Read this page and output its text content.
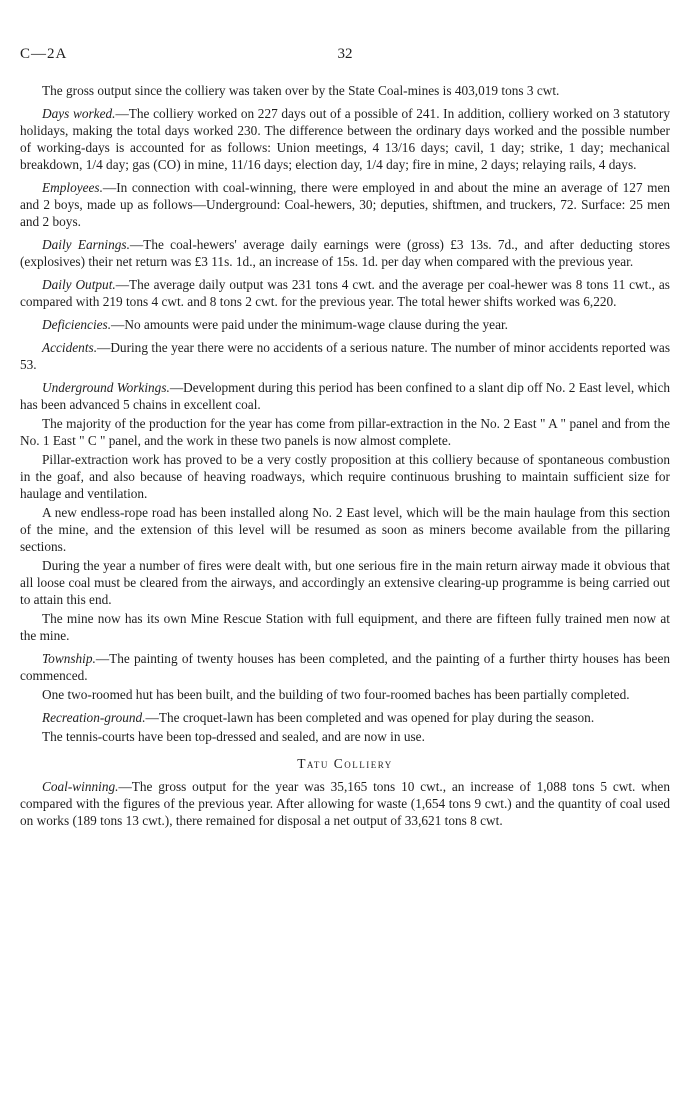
C—2A	32

The gross output since the colliery was taken over by the State Coal-mines is 403,019 tons 3 cwt.

Days worked.—The colliery worked on 227 days out of a possible of 241. In addition, colliery worked on 3 statutory holidays, making the total days worked 230. The difference between the ordinary days worked and the possible number of working-days is accounted for as follows: Union meetings, 4 13/16 days; cavil, 1 day; strike, 1 day; mechanical breakdown, 1/4 day; gas (CO) in mine, 11/16 days; election day, 1/4 day; fire in mine, 2 days; relaying rails, 4 days.

Employees.—In connection with coal-winning, there were employed in and about the mine an average of 127 men and 2 boys, made up as follows—Underground: Coal-hewers, 30; deputies, shiftmen, and truckers, 72. Surface: 25 men and 2 boys.

Daily Earnings.—The coal-hewers' average daily earnings were (gross) £3 13s. 7d., and after deducting stores (explosives) their net return was £3 11s. 1d., an increase of 15s. 1d. per day when compared with the previous year.

Daily Output.—The average daily output was 231 tons 4 cwt. and the average per coal-hewer was 8 tons 11 cwt., as compared with 219 tons 4 cwt. and 8 tons 2 cwt. for the previous year. The total hewer shifts worked was 6,220.

Deficiencies.—No amounts were paid under the minimum-wage clause during the year.

Accidents.—During the year there were no accidents of a serious nature. The number of minor accidents reported was 53.

Underground Workings.—Development during this period has been confined to a slant dip off No. 2 East level, which has been advanced 5 chains in excellent coal.

The majority of the production for the year has come from pillar-extraction in the No. 2 East " A " panel and from the No. 1 East " C " panel, and the work in these two panels is now almost complete.

Pillar-extraction work has proved to be a very costly proposition at this colliery because of spontaneous combustion in the goaf, and also because of heaving roadways, which require continuous brushing to maintain sufficient size for haulage and ventilation.

A new endless-rope road has been installed along No. 2 East level, which will be the main haulage from this section of the mine, and the extension of this level will be resumed as soon as miners become available from the pillaring sections.

During the year a number of fires were dealt with, but one serious fire in the main return airway made it obvious that all loose coal must be cleared from the airways, and accordingly an extensive clearing-up programme is being carried out to attain this end.

The mine now has its own Mine Rescue Station with full equipment, and there are fifteen fully trained men now at the mine.

Township.—The painting of twenty houses has been completed, and the painting of a further thirty houses has been commenced.

One two-roomed hut has been built, and the building of two four-roomed baches has been partially completed.

Recreation-ground.—The croquet-lawn has been completed and was opened for play during the season.

The tennis-courts have been top-dressed and sealed, and are now in use.

Tatu Colliery

Coal-winning.—The gross output for the year was 35,165 tons 10 cwt., an increase of 1,088 tons 5 cwt. when compared with the figures of the previous year. After allowing for waste (1,654 tons 9 cwt.) and the quantity of coal used on works (189 tons 13 cwt.), there remained for disposal a net output of 33,621 tons 8 cwt.
